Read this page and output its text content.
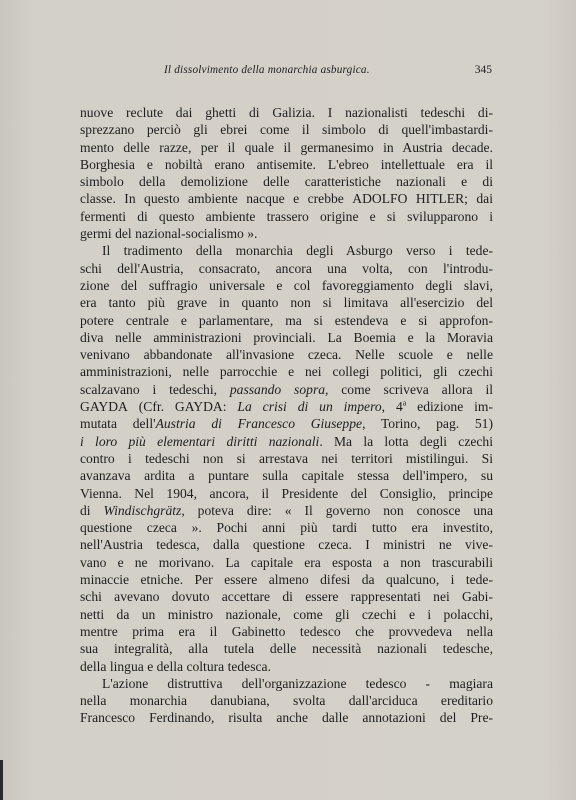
Il dissolvimento della monarchia asburgica.	345

nuove reclute dai ghetti di Galizia. I nazionalisti tedeschi di-
sprezzano perciò gli ebrei come il simbolo di quell'imbastardi-
mento delle razze, per il quale il germanesimo in Austria decade.
Borghesia e nobiltà erano antisemite. L'ebreo intellettuale era il
simbolo della demolizione delle caratteristiche nazionali e di
classe. In questo ambiente nacque e crebbe ADOLFO HITLER; dai
fermenti di questo ambiente trassero origine e si svilupparono i
germi del nazional-socialismo ».

Il tradimento della monarchia degli Asburgo verso i tede-
schi dell'Austria, consacrato, ancora una volta, con l'introdu-
zione del suffragio universale e col favoreggiamento degli slavi,
era tanto più grave in quanto non si limitava all'esercizio del
potere centrale e parlamentare, ma si estendeva e si approfon-
diva nelle amministrazioni provinciali. La Boemia e la Moravia
venivano abbandonate all'invasione czeca. Nelle scuole e nelle
amministrazioni, nelle parrocchie e nei collegi politici, gli czechi
scalzavano i tedeschi, passando sopra, come scriveva allora il
GAYDA (Cfr. GAYDA: La crisi di un impero, 4$^a$ edizione im-
mutata dell'Austria di Francesco Giuseppe, Torino, pag. 51)
i loro più elementari diritti nazionali. Ma la lotta degli czechi
contro i tedeschi non si arrestava nei territori mistilingui. Si
avanzava ardita a puntare sulla capitale stessa dell'impero, su
Vienna. Nel 1904, ancora, il Presidente del Consiglio, principe
di Windischgrätz, poteva dire: « Il governo non conosce una
questione czeca ». Pochi anni più tardi tutto era investito,
nell'Austria tedesca, dalla questione czeca. I ministri ne vive-
vano e ne morivano. La capitale era esposta a non trascurabili
minaccie etniche. Per essere almeno difesi da qualcuno, i tede-
schi avevano dovuto accettare di essere rappresentati nei Gabi-
netti da un ministro nazionale, come gli czechi e i polacchi,
mentre prima era il Gabinetto tedesco che provvedeva nella
sua integralità, alla tutela delle necessità nazionali tedesche,
della lingua e della coltura tedesca.

L'azione distruttiva dell'organizzazione tedesco - magiara
nella monarchia danubiana, svolta dall'arciduca ereditario
Francesco Ferdinando, risulta anche dalle annotazioni del Pre-
